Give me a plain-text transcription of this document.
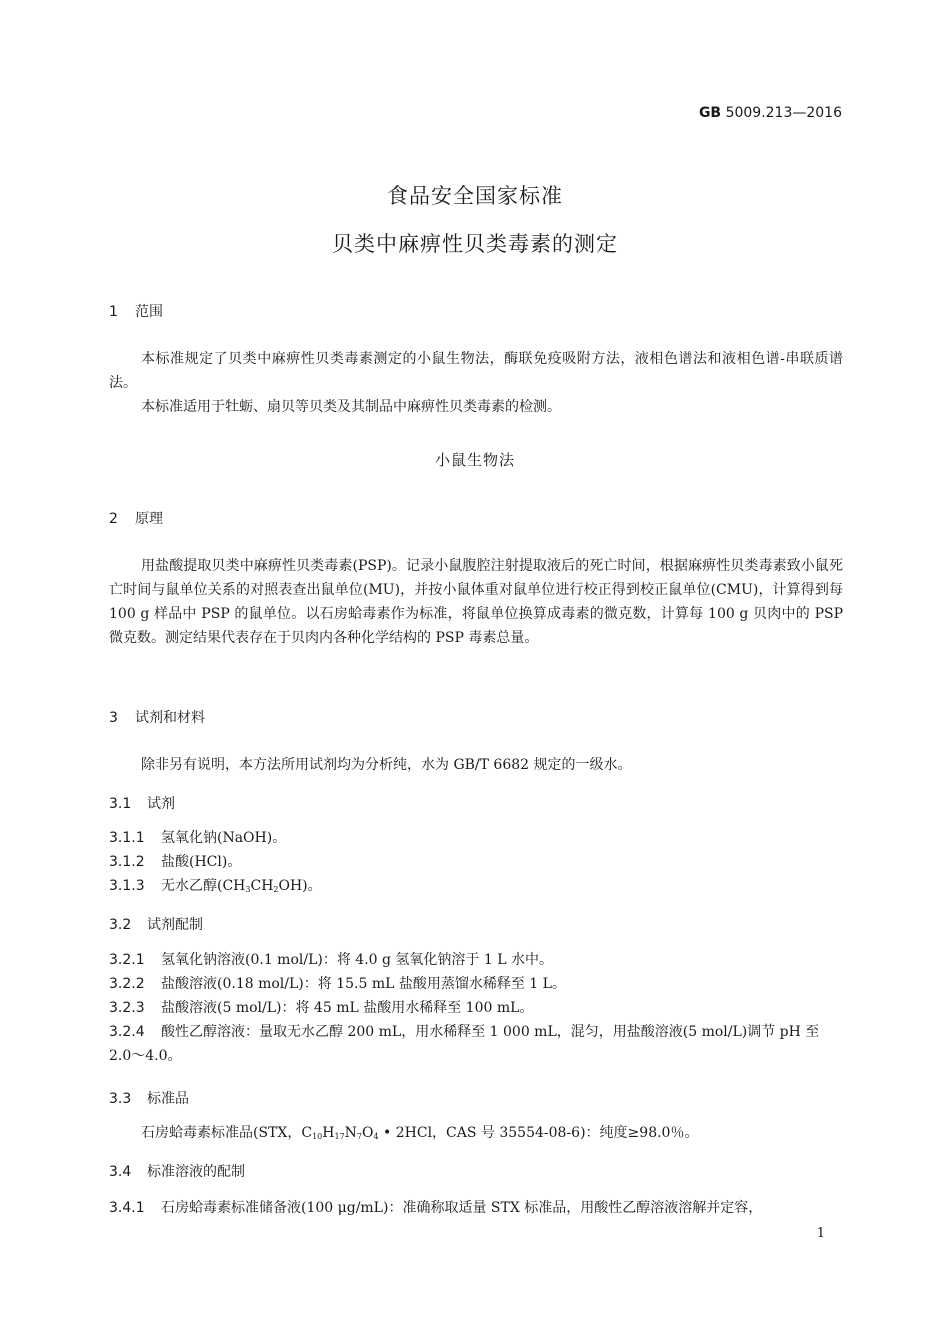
GB 5009.213—2016
食品安全国家标准
贝类中麻痹性贝类毒素的测定
1 范围

本标准规定了贝类中麻痹性贝类毒素测定的小鼠生物法，酶联免疫吸附方法，液相色谱法和液相色谱-串联质谱法。

本标准适用于牡蛎、扇贝等贝类及其制品中麻痹性贝类毒素的检测。

小鼠生物法
2 原理

用盐酸提取贝类中麻痹性贝类毒素(PSP)。记录小鼠腹腔注射提取液后的死亡时间，根据麻痹性贝类毒素致小鼠死亡时间与鼠单位关系的对照表查出鼠单位(MU)，并按小鼠体重对鼠单位进行校正得到校正鼠单位(CMU)，计算得到每 100 g 样品中 PSP 的鼠单位。以石房蛤毒素作为标准，将鼠单位换算成毒素的微克数，计算每 100 g 贝肉中的 PSP 微克数。测定结果代表存在于贝肉内各种化学结构的 PSP 毒素总量。

3 试剂和材料

除非另有说明，本方法所用试剂均为分析纯，水为 GB/T 6682 规定的一级水。

3.1 试剂
3.1.1 氢氧化钠(NaOH)。
3.1.2 盐酸(HCl)。
3.1.3 无水乙醇$(CH_3CH_2OH)$。
3.2 试剂配制
3.2.1 氢氧化钠溶液(0.1 mol/L)：将 4.0 g 氢氧化钠溶于 1 L 水中。
3.2.2 盐酸溶液(0.18 mol/L)：将 15.5 mL 盐酸用蒸馏水稀释至 1 L。
3.2.3 盐酸溶液(5 mol/L)：将 45 mL 盐酸用水稀释至 100 mL。
3.2.4 酸性乙醇溶液：量取无水乙醇 200 mL，用水稀释至 1 000 mL，混匀，用盐酸溶液(5 mol/L)调节 pH 至 2.0～4.0。
3.3 标准品

石房蛤毒素标准品(STX，$C_{10}H_{17}N_7O_4$ • 2HCl，CAS 号 35554-08-6)：纯度≥98.0％。

3.4 标准溶液的配制
3.4.1 石房蛤毒素标准储备液(100 μg/mL)：准确称取适量 STX 标准品，用酸性乙醇溶液溶解并定容，
1
